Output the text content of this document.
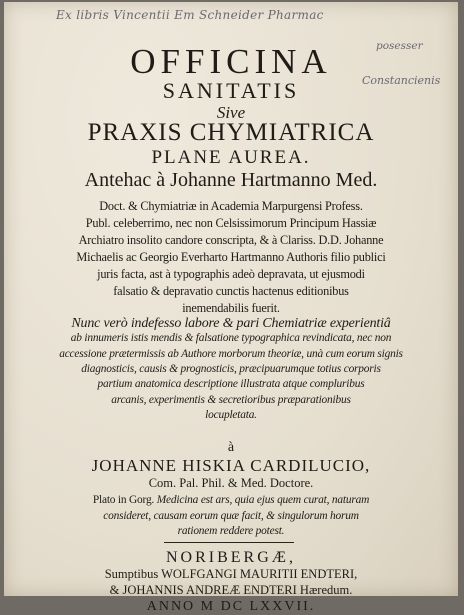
Ex libris Vincentii Em Schneider Pharmac
posesser
Constancienis
OFFICINA
SANITATIS
Sive
PRAXIS CHYMIATRICA
PLANE AUREA.
Antehac à Johanne Hartmanno Med.
Doct. & Chymiatriæ in Academia Marpurgensi Profess.
Publ. celeberrimo, nec non Celsissimorum Principum Hassiæ
Archiatro insolito candore conscripta, & à Clariss. D.D. Johanne
Michaelis ac Georgio Everharto Hartmanno Authoris filio publici
juris facta, ast à typographis adeò depravata, ut ejusmodi
falsatio & depravatio cunctis hactenus editionibus
inemendabilis fuerit.
Nunc verò indefesso labore & pari Chemiatriæ experientiâ
ab innumeris istis mendis & falsatione typographica revindicata, nec non
accessione prætermissis ab Authore morborum theoriæ, unà cum eorum signis
diagnosticis, causis & prognosticis, præcipuarumque totius corporis
partium anatomica descriptione illustrata atque compluribus
arcanis, experimentis & secretioribus præparationibus
locupletata.
à
JOHANNE HISKIA CARDILUCIO,
Com. Pal. Phil. & Med. Doctore.
Plato in Gorg. Medicina est ars, quia ejus quem curat, naturam
consideret, causam eorum quæ facit, & singulorum horum
rationem reddere potest.
NORIBERGÆ,
Sumptibus WOLFGANGI MAURITII ENDTERI,
& JOHANNIS ANDREÆ ENDTERI Hæredum.
ANNO M DC LXXVII.
